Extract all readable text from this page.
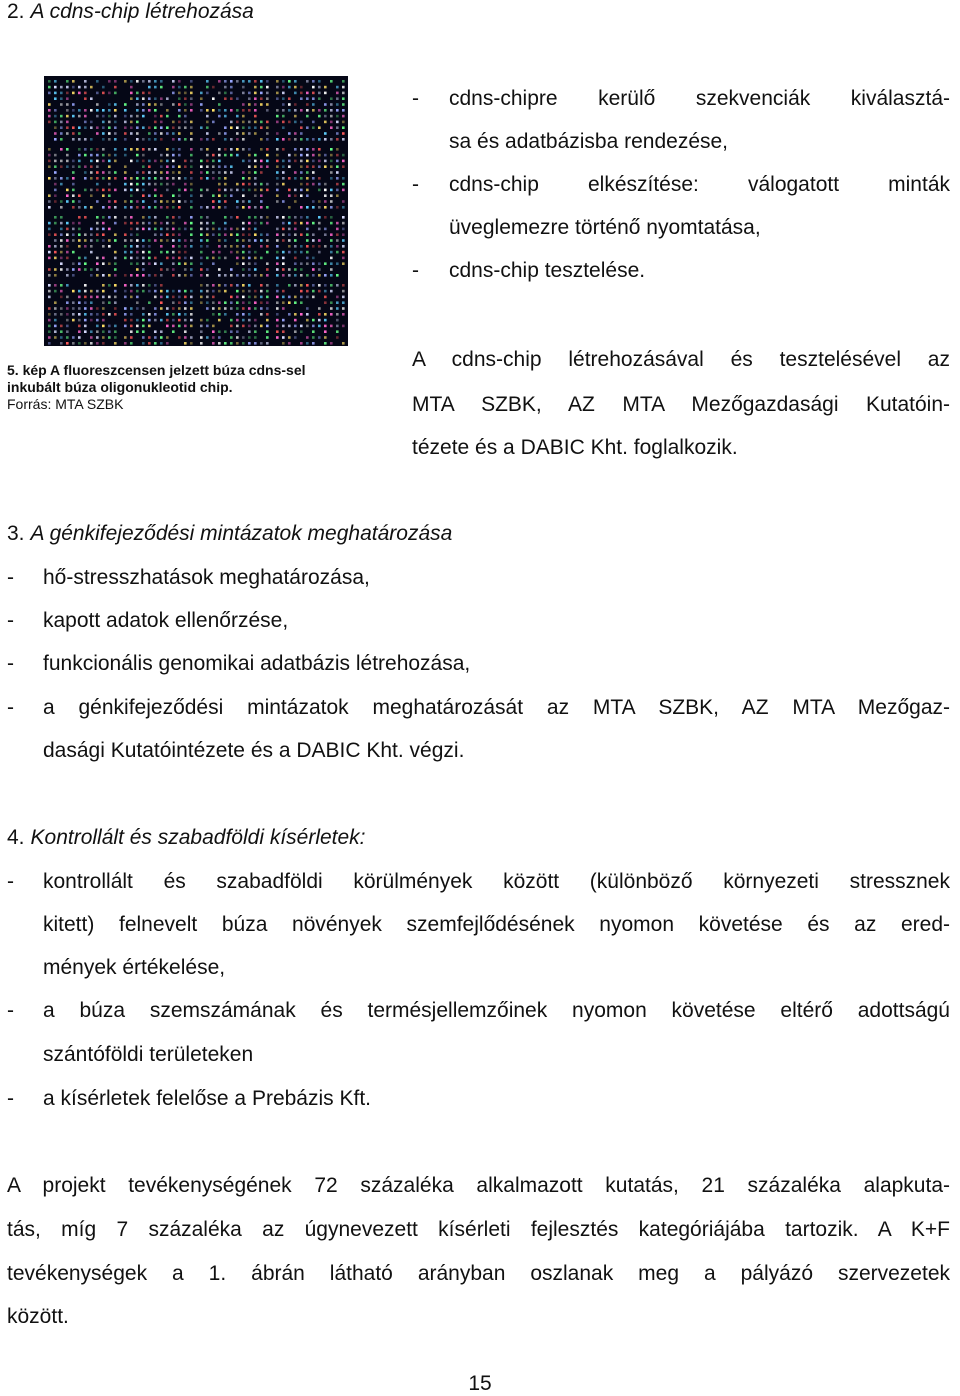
2. A cdns-chip létrehozása
5. kép A fluoreszcensen jelzett búza cdns-sel
inkubált búza oligonukleotid chip.
Forrás: MTA SZBK
- cdns-chipre kerülő szekvenciák kiválasztá-
sa és adatbázisba rendezése,
- cdns-chip elkészítése: válogatott minták
üveglemezre történő nyomtatása,
- cdns-chip tesztelése.
A cdns-chip létrehozásával és tesztelésével az
MTA SZBK, AZ MTA Mezőgazdasági Kutatóin-
tézete és a DABIC Kht. foglalkozik.
3. A génkifejeződési mintázatok meghatározása
- hő-stresszhatások meghatározása,
- kapott adatok ellenőrzése,
- funkcionális genomikai adatbázis létrehozása,
- a génkifejeződési mintázatok meghatározását az MTA SZBK, AZ MTA Mezőgaz-
dasági Kutatóintézete és a DABIC Kht. végzi.
4. Kontrollált és szabadföldi kísérletek:
- kontrollált és szabadföldi körülmények között (különböző környezeti stressznek
kitett) felnevelt búza növények szemfejlődésének nyomon követése és az ered-
mények értékelése,
- a búza szemszámának és termésjellemzőinek nyomon követése eltérő adottságú
szántóföldi területeken
- a kísérletek felelőse a Prebázis Kft.
A projekt tevékenységének 72 százaléka alkalmazott kutatás, 21 százaléka alapkuta-
tás, míg 7 százaléka az úgynevezett kísérleti fejlesztés kategóriájába tartozik. A K+F
tevékenységek a 1. ábrán látható arányban oszlanak meg a pályázó szervezetek
között.
15
